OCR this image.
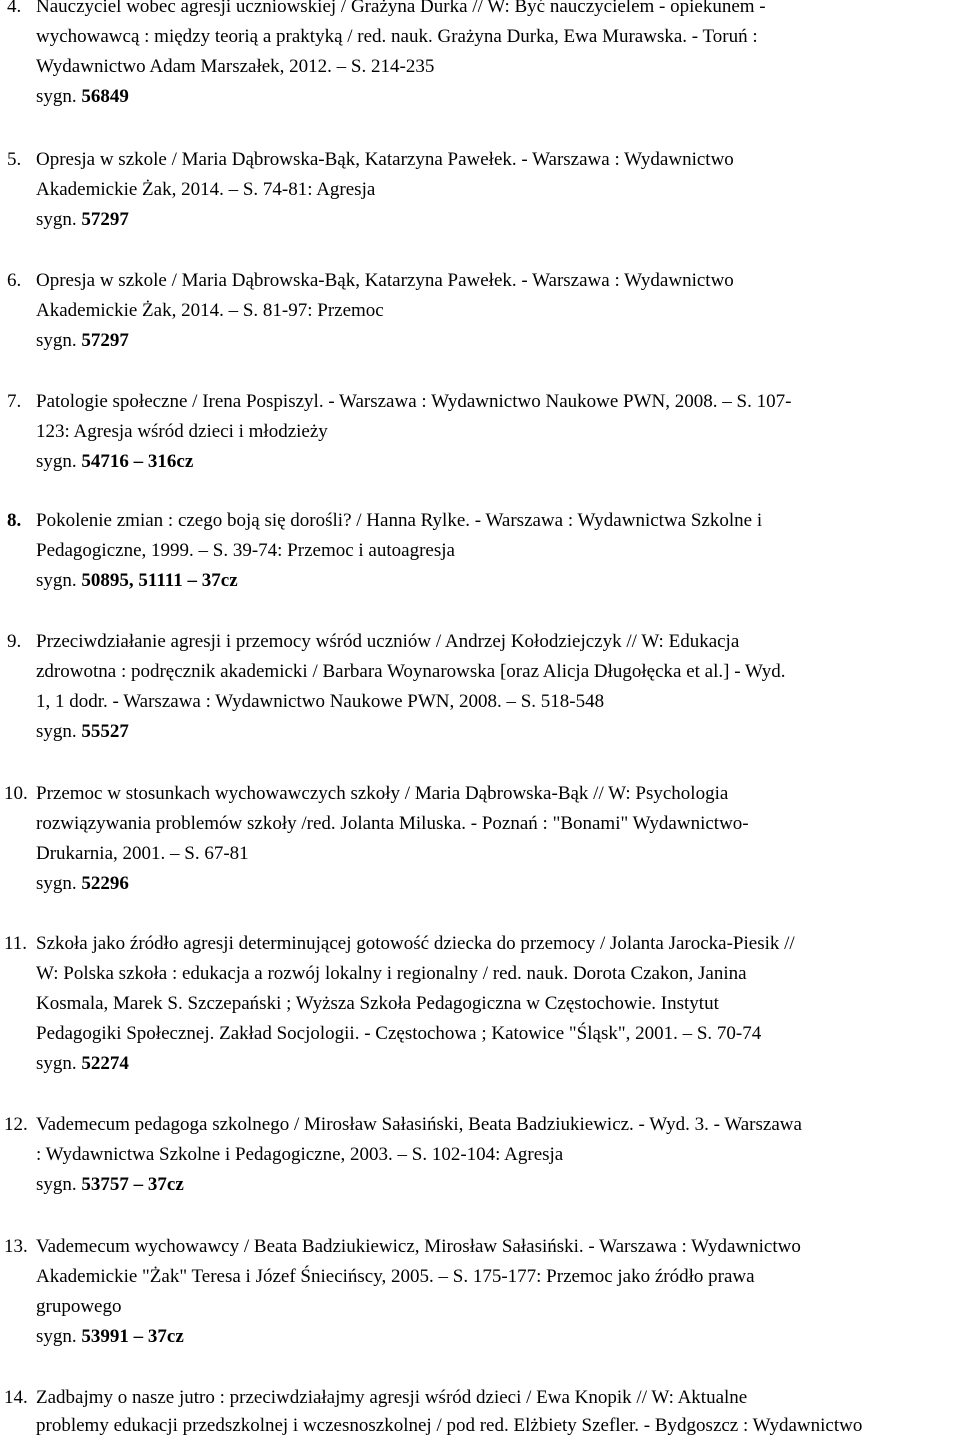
4. Nauczyciel wobec agresji uczniowskiej / Grażyna Durka // W: Być nauczycielem - opiekunem -
wychowawcą : między teorią a praktyką / red. nauk. Grażyna Durka, Ewa Murawska. - Toruń :
Wydawnictwo Adam Marszałek, 2012. – S. 214-235
sygn. 56849
5. Opresja w szkole / Maria Dąbrowska-Bąk, Katarzyna Pawełek. - Warszawa : Wydawnictwo
Akademickie Żak, 2014. – S. 74-81: Agresja
sygn. 57297
6. Opresja w szkole / Maria Dąbrowska-Bąk, Katarzyna Pawełek. - Warszawa : Wydawnictwo
Akademickie Żak, 2014. – S. 81-97: Przemoc
sygn. 57297
7. Patologie społeczne / Irena Pospiszyl. - Warszawa : Wydawnictwo Naukowe PWN, 2008. – S. 107-
123: Agresja wśród dzieci i młodzieży
sygn. 54716 – 316cz
8. Pokolenie zmian : czego boją się dorośli? / Hanna Rylke. - Warszawa : Wydawnictwa Szkolne i
Pedagogiczne, 1999. – S. 39-74: Przemoc i autoagresja
sygn. 50895, 51111 – 37cz
9. Przeciwdziałanie agresji i przemocy wśród uczniów / Andrzej Kołodziejczyk // W: Edukacja
zdrowotna : podręcznik akademicki / Barbara Woynarowska [oraz Alicja Długołęcka et al.] - Wyd.
1, 1 dodr. - Warszawa : Wydawnictwo Naukowe PWN, 2008. – S. 518-548
sygn. 55527
10. Przemoc w stosunkach wychowawczych szkoły / Maria Dąbrowska-Bąk // W: Psychologia
rozwiązywania problemów szkoły /red. Jolanta Miluska. - Poznań : "Bonami" Wydawnictwo-
Drukarnia, 2001. – S. 67-81
sygn. 52296
11. Szkoła jako źródło agresji determinującej gotowość dziecka do przemocy / Jolanta Jarocka-Piesik //
W: Polska szkoła : edukacja a rozwój lokalny i regionalny / red. nauk. Dorota Czakon, Janina
Kosmala, Marek S. Szczepański ; Wyższa Szkoła Pedagogiczna w Częstochowie. Instytut
Pedagogiki Społecznej. Zakład Socjologii. - Częstochowa ; Katowice "Śląsk", 2001. – S. 70-74
sygn. 52274
12. Vademecum pedagoga szkolnego / Mirosław Sałasiński, Beata Badziukiewicz. - Wyd. 3. - Warszawa
: Wydawnictwa Szkolne i Pedagogiczne, 2003. – S. 102-104: Agresja
sygn. 53757 – 37cz
13. Vademecum wychowawcy / Beata Badziukiewicz, Mirosław Sałasiński. - Warszawa : Wydawnictwo
Akademickie "Żak" Teresa i Józef Śniecińscy, 2005. – S. 175-177: Przemoc jako źródło prawa
grupowego
sygn. 53991 – 37cz
14. Zadbajmy o nasze jutro : przeciwdziałajmy agresji wśród dzieci / Ewa Knopik // W: Aktualne
problemy edukacji przedszkolnej i wczesnoszkolnej / pod red. Elżbiety Szefler. - Bydgoszcz : Wydawnictwo
